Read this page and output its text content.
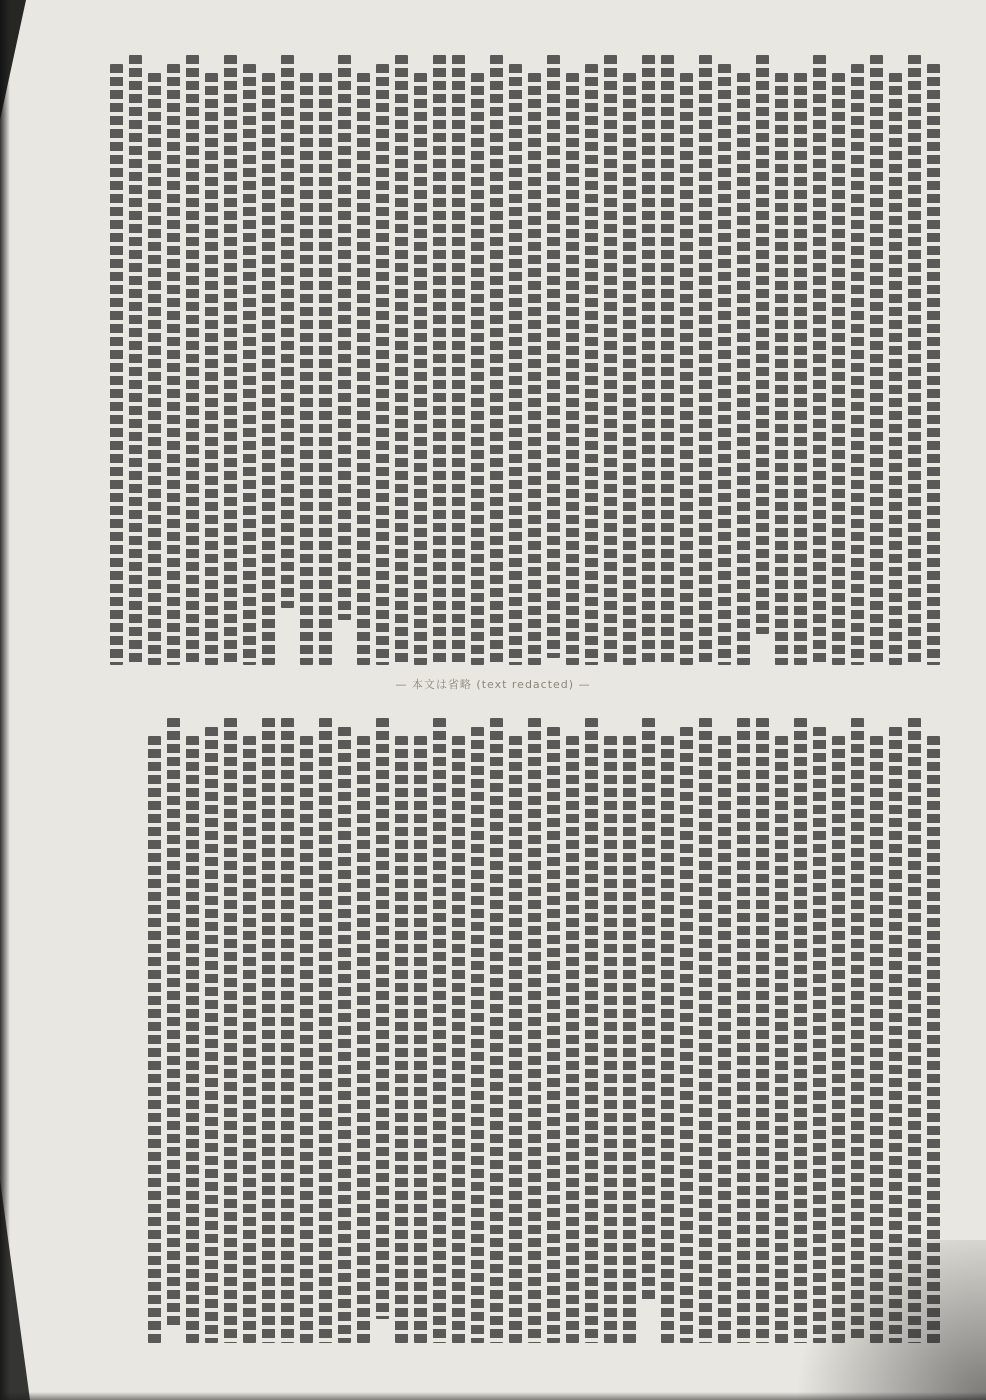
— 本文は省略 (text redacted) —
